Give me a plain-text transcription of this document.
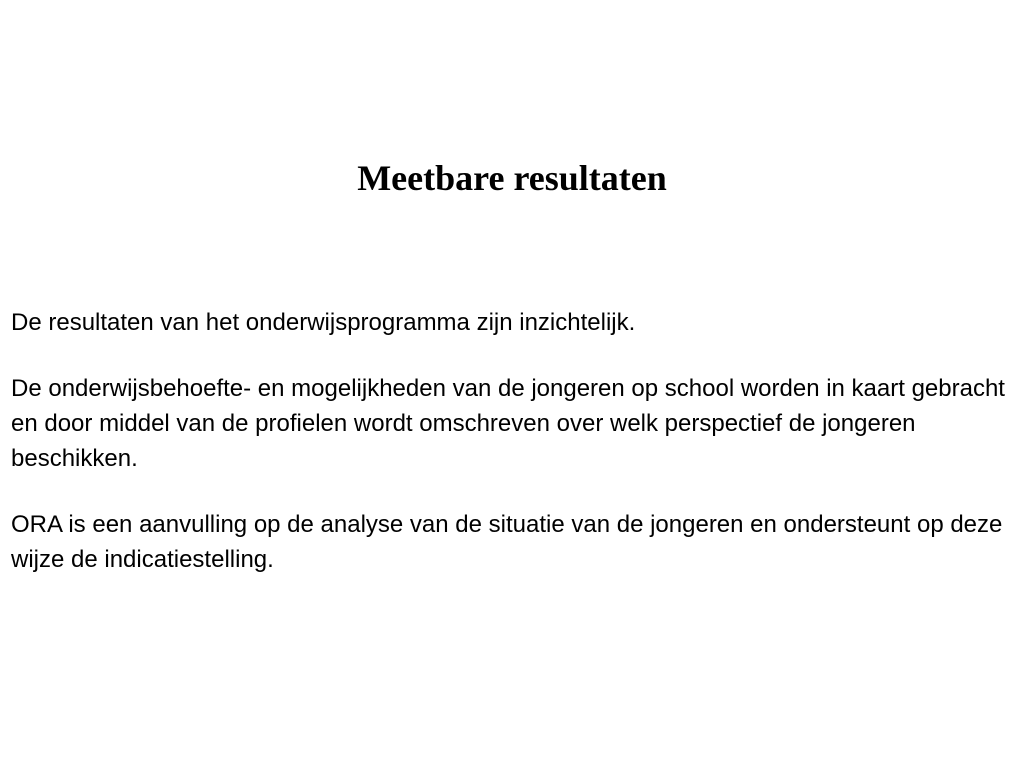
Meetbare resultaten

De resultaten van het onderwijsprogramma zijn inzichtelijk.

De onderwijsbehoefte- en mogelijkheden van de jongeren op school worden in kaart gebracht en door middel van de profielen wordt omschreven over welk perspectief de jongeren beschikken.

ORA is een aanvulling op de analyse van de situatie van de jongeren en ondersteunt op deze wijze de indicatiestelling.
